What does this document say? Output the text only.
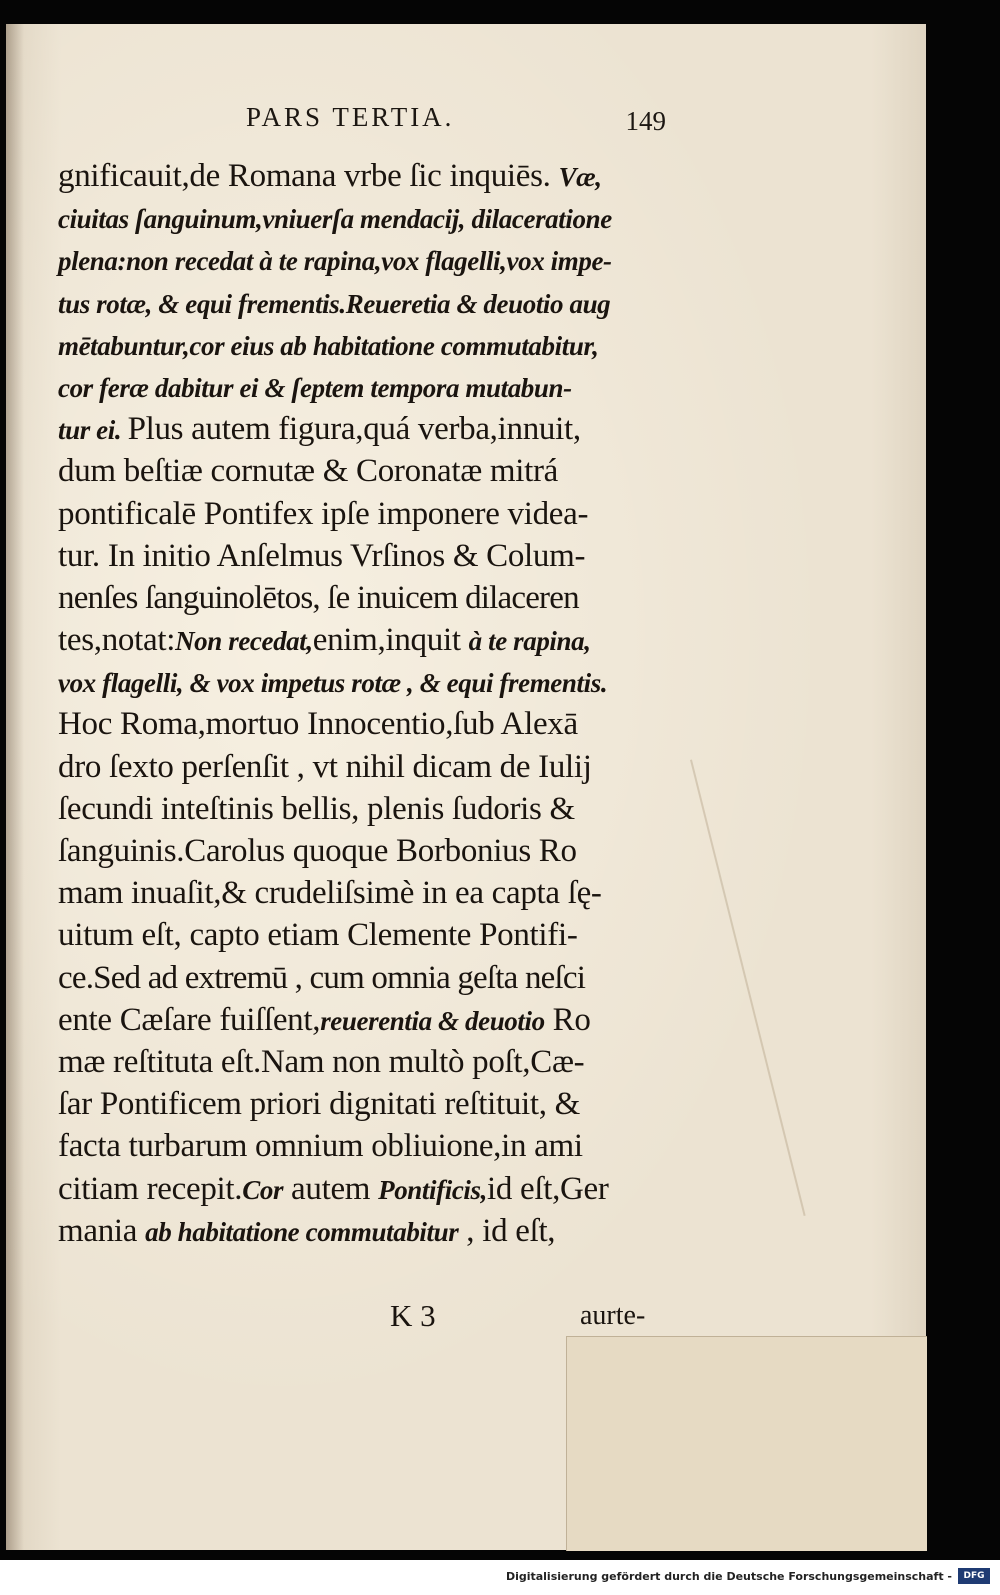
PARS TERTIA.	149
gnificauit,de Romana vrbe ſic inquiēs. Væ,
ciuitas ſanguinum,vniuerſa mendacij, dilaceratione
plena:non recedat à te rapina,vox flagelli,vox impe-
tus rotæ, & equi frementis.Reueretia & deuotio aug
mētabuntur,cor eius ab habitatione commutabitur,
cor feræ dabitur ei & ſeptem tempora mutabun-
tur ei. Plus autem figura,quá verba,innuit,
dum beſtiæ cornutæ & Coronatæ mitrá
pontificalē Pontifex ipſe imponere videa-
tur. In initio Anſelmus Vrſinos & Colum-
nenſes ſanguinolētos, ſe inuicem dilaceren
tes,notat:Non recedat,enim,inquit à te rapina,
vox flagelli, & vox impetus rotæ , & equi frementis.
Hoc Roma,mortuo Innocentio,ſub Alexā
dro ſexto perſenſit , vt nihil dicam de Iulij
ſecundi inteſtinis bellis, plenis ſudoris &
ſanguinis.Carolus quoque Borbonius Ro
mam inuaſit,& crudeliſsimè in ea capta ſę-
uitum eſt, capto etiam Clemente Pontifi-
ce.Sed ad extremū , cum omnia geſta neſci
ente Cæſare fuiſſent,reuerentia & deuotio Ro
mæ reſtituta eſt.Nam non multò poſt,Cæ-
ſar Pontificem priori dignitati reſtituit, &
facta turbarum omnium obliuione,in ami
citiam recepit.Cor autem Pontificis,id eſt,Ger
mania ab habitatione commutabitur , id eſt,
K 3	aurte-
Digitalisierung gefördert durch die Deutsche Forschungsgemeinschaft -	DFG
